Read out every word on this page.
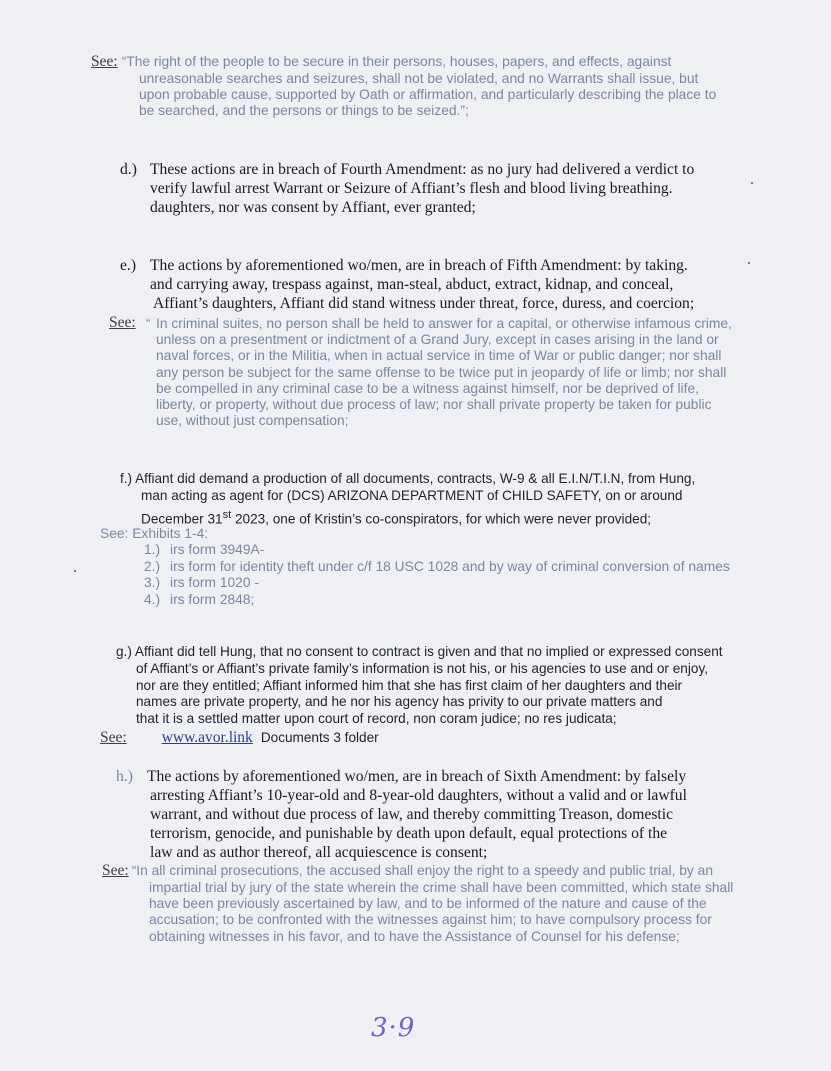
See: “The right of the people to be secure in their persons, houses, papers, and effects, against
unreasonable searches and seizures, shall not be violated, and no Warrants shall issue, but
upon probable cause, supported by Oath or affirmation, and particularly describing the place to
be searched, and the persons or things to be seized.”;
d.) These actions are in breach of Fourth Amendment: as no jury had delivered a verdict to
verify lawful arrest Warrant or Seizure of Affiant’s flesh and blood living breathing.
daughters, nor was consent by Affiant, ever granted;
e.) The actions by aforementioned wo/men, are in breach of Fifth Amendment: by taking.
and carrying away, trespass against, man-steal, abduct, extract, kidnap, and conceal,
Affiant’s daughters, Affiant did stand witness under threat, force, duress, and coercion;
See: “ In criminal suites, no person shall be held to answer for a capital, or otherwise infamous crime,
unless on a presentment or indictment of a Grand Jury, except in cases arising in the land or
naval forces, or in the Militia, when in actual service in time of War or public danger; nor shall
any person be subject for the same offense to be twice put in jeopardy of life or limb; nor shall
be compelled in any criminal case to be a witness against himself, nor be deprived of life,
liberty, or property, without due process of law; nor shall private property be taken for public
use, without just compensation;
f.) Affiant did demand a production of all documents, contracts, W-9 & all E.I.N/T.I.N, from Hung,
man acting as agent for (DCS) ARIZONA DEPARTMENT of CHILD SAFETY, on or around
December 31st 2023, one of Kristin’s co-conspirators, for which were never provided;
See: Exhibits 1-4:
1.) irs form 3949A-
2.) irs form for identity theft under c/f 18 USC 1028 and by way of criminal conversion of names
3.) irs form 1020 -
4.) irs form 2848;
g.) Affiant did tell Hung, that no consent to contract is given and that no implied or expressed consent
of Affiant’s or Affiant’s private family’s information is not his, or his agencies to use and or enjoy,
nor are they entitled; Affiant informed him that she has first claim of her daughters and their
names are private property, and he nor his agency has privity to our private matters and
that it is a settled matter upon court of record, non coram judice; no res judicata;
See: www.avor.link Documents 3 folder
h.) The actions by aforementioned wo/men, are in breach of Sixth Amendment: by falsely
arresting Affiant’s 10-year-old and 8-year-old daughters, without a valid and or lawful
warrant, and without due process of law, and thereby committing Treason, domestic
terrorism, genocide, and punishable by death upon default, equal protections of the
law and as author thereof, all acquiescence is consent;
See: “In all criminal prosecutions, the accused shall enjoy the right to a speedy and public trial, by an
impartial trial by jury of the state wherein the crime shall have been committed, which state shall
have been previously ascertained by law, and to be informed of the nature and cause of the
accusation; to be confronted with the witnesses against him; to have compulsory process for
obtaining witnesses in his favor, and to have the Assistance of Counsel for his defense;
3·9
